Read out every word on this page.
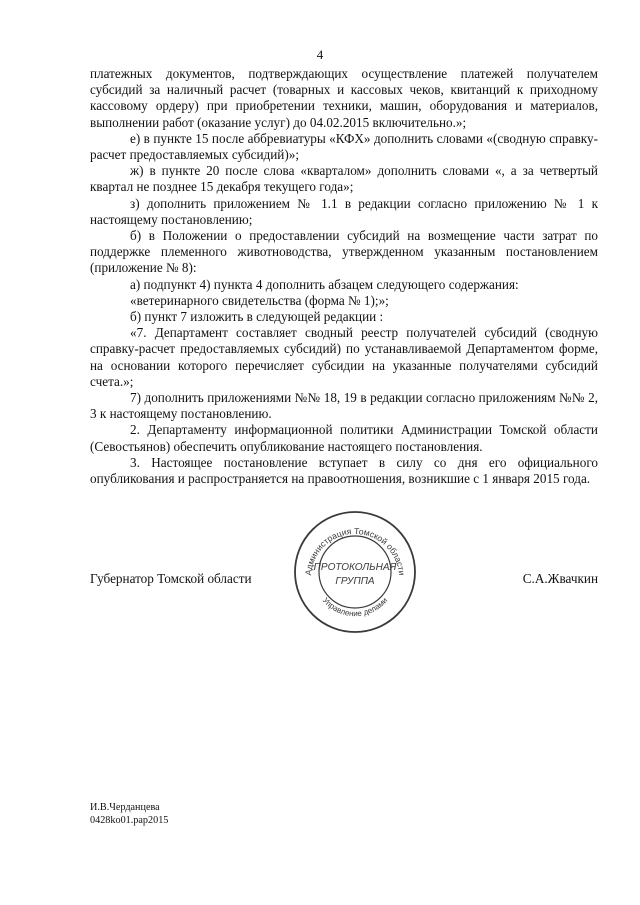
4

платежных документов, подтверждающих осуществление платежей получателем субсидий за наличный расчет (товарных и кассовых чеков, квитанций к приходному кассовому ордеру) при приобретении техники, машин, оборудования и материалов, выполнении работ (оказание услуг) до 04.02.2015 включительно.»;

е) в пункте 15 после аббревиатуры «КФХ» дополнить словами «(сводную справку-расчет предоставляемых субсидий)»;

ж) в пункте 20 после слова «кварталом» дополнить словами «, а за четвертый квартал не позднее 15 декабря текущего года»;

з) дополнить приложением № 1.1 в редакции согласно приложению № 1 к настоящему постановлению;

б) в Положении о предоставлении субсидий на возмещение части затрат по поддержке племенного животноводства, утвержденном указанным постановлением (приложение № 8):

а) подпункт 4) пункта 4 дополнить абзацем следующего содержания:

«ветеринарного свидетельства (форма № 1);»;

б) пункт 7 изложить в следующей редакции :

«7. Департамент составляет сводный реестр получателей субсидий (сводную справку-расчет предоставляемых субсидий) по устанавливаемой Департаментом форме, на основании которого перечисляет субсидии на указанные получателями субсидий счета.»;

7) дополнить приложениями №№ 18, 19 в редакции согласно приложениям №№ 2, 3 к настоящему постановлению.

2. Департаменту информационной политики Администрации Томской области (Севостьянов) обеспечить опубликование настоящего постановления.

3. Настоящее постановление вступает в силу со дня его официального опубликования и распространяется на правоотношения, возникшие с 1 января 2015 года.

Губернатор Томской области	С.А.Жвачкин
Администрация Томской области
Управление делами
ПРОТОКОЛЬНАЯ
ГРУППА
И.В.Черданцева
0428ko01.pap2015
